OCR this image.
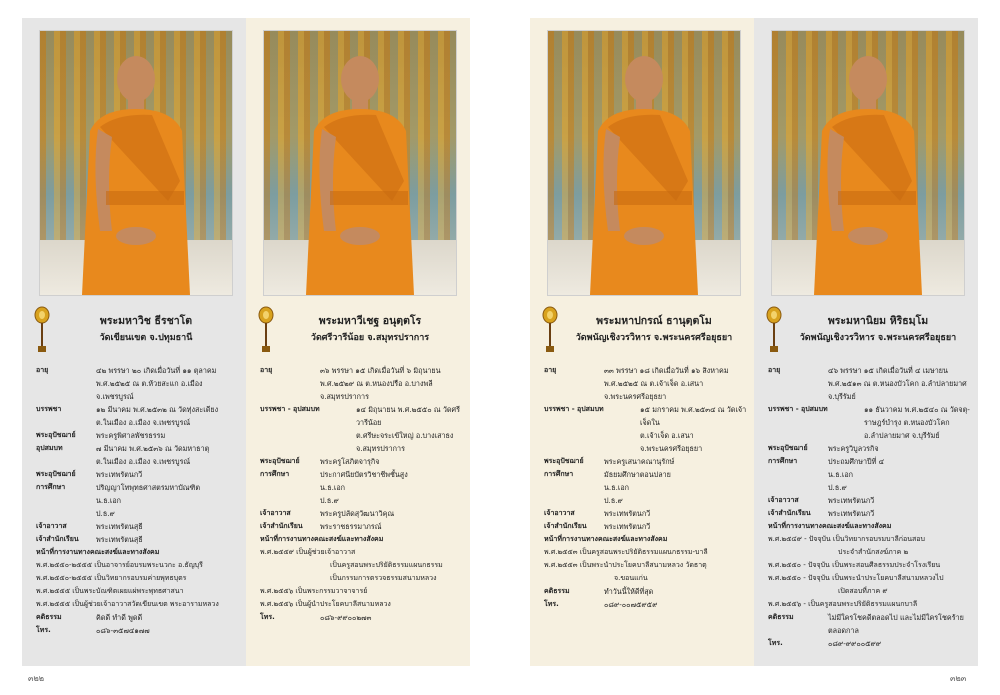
พระมหาวิช ธีรชาโต
วัดเขียนเขต จ.ปทุมธานี
อายุ	๔๒ พรรษา ๒๐ เกิดเมื่อวันที่ ๑๑ ตุลาคม
พ.ศ.๒๕๒๕ ณ ต.ห้วยสะแก อ.เมือง
จ.เพชรบูรณ์
บรรพชา	๑๒ มีนาคม พ.ศ.๒๕๓๒ ณ วัดทุ่งสะเดียง
ต.ในเมือง อ.เมือง จ.เพชรบูรณ์
พระอุปัชฌาย์	พระครูพิศาลพัชรธรรม
อุปสมบท	๗ มีนาคม พ.ศ.๒๕๓๖ ณ วัดมหาธาตุ
ต.ในเมือง อ.เมือง จ.เพชรบูรณ์
พระอุปัชฌาย์	พระเทพรัตนกวี
การศึกษา	ปริญญาโทพุทธศาสตรมหาบัณฑิต
น.ธ.เอก
ป.ธ.๙
เจ้าอาวาส	พระเทพรัตนสุธี
เจ้าสำนักเรียน พระเทพรัตนสุธี
หน้าที่การงานทางคณะสงฆ์และทางสังคม
พ.ศ.๒๕๕๐-๒๕๕๕ เป็นอาจารย์อบรมพระนวกะ อ.ธัญบุรี
พ.ศ.๒๕๕๐-๒๕๕๕ เป็นวิทยากรอบรมค่ายพุทธบุตร
พ.ศ.๒๕๕๕ เป็นพระบัณฑิตเผยแผ่พระพุทธศาสนา
พ.ศ.๒๕๕๕ เป็นผู้ช่วยเจ้าอาวาสวัดเขียนเขต พระอารามหลวง
คติธรรม	คิดดี ทำดี พูดดี
โทร.	๐๘๖-๓๕๗๔๑๗๗
พระมหาวีเชฐ อนุตฺตโร
วัดศรีวารีน้อย จ.สมุทรปราการ
อายุ	๓๖ พรรษา ๑๕ เกิดเมื่อวันที่ ๖ มิถุนายน
พ.ศ.๒๕๒๙ ณ ต.หนองปรือ อ.บางพลี
จ.สมุทรปราการ
บรรพชา - อุปสมบท	๑๔ มิถุนายน พ.ศ.๒๕๕๐ ณ วัดศรีวารีน้อย
ต.ศรีษะจระเข้ใหญ่ อ.บางเสาธง
จ.สมุทรปราการ
พระอุปัชฌาย์	พระครูโสภิตจารุกิจ
การศึกษา	ประกาศนียบัตรวิชาชีพชั้นสูง
น.ธ.เอก
ป.ธ.๙
เจ้าอาวาส	พระครูปลัดสุวัฒนาวิคุณ
เจ้าสำนักเรียน พระราชธรรมาภรณ์
หน้าที่การงานทางคณะสงฆ์และทางสังคม
พ.ศ.๒๕๕๙ เป็นผู้ช่วยเจ้าอาวาส
เป็นครูสอนพระปริยัติธรรมแผนกธรรม
เป็นกรรมการตรวจธรรมสนามหลวง
พ.ศ.๒๕๕๖ เป็นพระกรรมวาจาจารย์
พ.ศ.๒๕๕๖ เป็นผู้นำประโยคบาลีสนามหลวง
โทร.	๐๘๖-๙๙๐๐๒๗๓
๓๒๒
พระมหาปกรณ์ ธานุตฺตโม
วัดพนัญเชิงวรวิหาร จ.พระนครศรีอยุธยา
อายุ	๓๓ พรรษา ๑๘ เกิดเมื่อวันที่ ๑๖ สิงหาคม
พ.ศ.๒๕๒๕ ณ ต.เจ้าเจ็ด อ.เสนา
จ.พระนครศรีอยุธยา
บรรพชา - อุปสมบท	๑๕ มกราคม พ.ศ.๒๕๓๔ ณ วัดเจ้าเจ็ดใน
ต.เจ้าเจ็ด อ.เสนา จ.พระนครศรีอยุธยา
พระอุปัชฌาย์	พระครูเสนาคณานุรักษ์
การศึกษา	มัธยมศึกษาตอนปลาย
น.ธ.เอก
ป.ธ.๙
เจ้าอาวาส	พระเทพรัตนกวี
เจ้าสำนักเรียน พระเทพรัตนกวี
หน้าที่การงานทางคณะสงฆ์และทางสังคม
พ.ศ.๒๕๕๓ เป็นครูสอนพระปริยัติธรรมแผนกธรรม-บาลี
พ.ศ.๒๕๕๓ เป็นพระนำประโยคบาลีสนามหลวง วัดธาตุ
จ.ขอนแก่น
คติธรรม	ทำวันนี้ให้ดีที่สุด
โทร.	๐๘๙-๐๐๗๕๙๕๙
พระมหานิยม หิริธมฺโม
วัดพนัญเชิงวรวิหาร จ.พระนครศรีอยุธยา
อายุ	๔๖ พรรษา ๑๕ เกิดเมื่อวันที่ ๔ เมษายน
พ.ศ.๒๕๑๓ ณ ต.หนองบัวโคก อ.ลำปลายมาศ
จ.บุรีรัมย์
บรรพชา - อุปสมบท	๑๑ ธันวาคม พ.ศ.๒๕๔๐ ณ วัดจตุ-
ราษฎร์บำรุง ต.หนองบัวโคก
อ.ลำปลายมาศ จ.บุรีรัมย์
พระอุปัชฌาย์	พระครูวิบูลวรกิจ
การศึกษา	ประถมศึกษาปีที่ ๔
น.ธ.เอก
ป.ธ.๙
เจ้าอาวาส	พระเทพรัตนกวี
เจ้าสำนักเรียน พระเทพรัตนกวี
หน้าที่การงานทางคณะสงฆ์และทางสังคม
พ.ศ.๒๕๔๙ - ปัจจุบัน เป็นวิทยากรอบรมบาลีก่อนสอบ
ประจำสำนักสงฆ์ภาค ๒
พ.ศ.๒๕๕๐ - ปัจจุบัน เป็นพระสอนศีลธรรมประจำโรงเรียน
พ.ศ.๒๕๕๐ - ปัจจุบัน เป็นพระนำประโยคบาลีสนามหลวงไป
เปิดสอบที่ภาค ๙
พ.ศ.๒๕๕๖ - เป็นครูสอนพระปริยัติธรรมแผนกบาลี
คติธรรม	ไม่มีใครโชคดีตลอดไป และไม่มีใครโชคร้ายตลอดกาล
โทร.	๐๘๙-๙๙๐๐๕๙๙
๓๒๓
